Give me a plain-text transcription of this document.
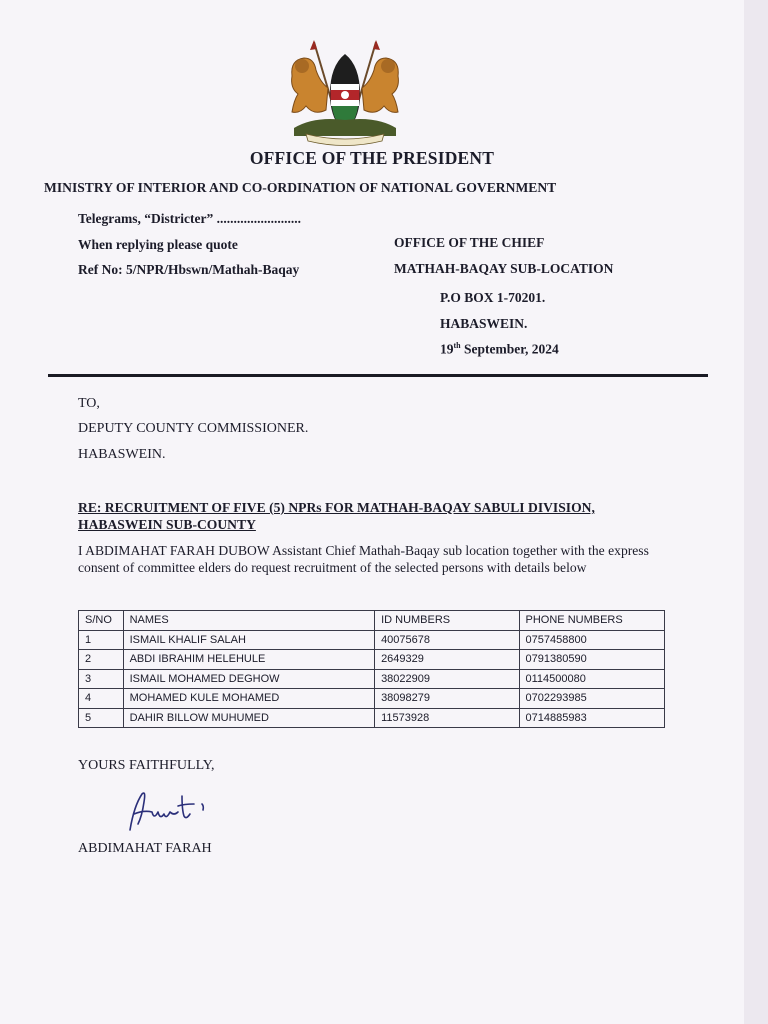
OFFICE OF THE PRESIDENT
MINISTRY OF INTERIOR AND CO-ORDINATION OF NATIONAL GOVERNMENT
Telegrams, “Districter” .........................
When replying please quote
Ref No: 5/NPR/Hbswn/Mathah-Baqay
OFFICE OF THE CHIEF
MATHAH-BAQAY SUB-LOCATION
P.O BOX 1-70201.
HABASWEIN.
19th September, 2024
TO,
DEPUTY COUNTY COMMISSIONER.
HABASWEIN.
RE: RECRUITMENT OF FIVE (5) NPRs FOR MATHAH-BAQAY SABULI DIVISION,
HABASWEIN SUB-COUNTY
I ABDIMAHAT FARAH DUBOW Assistant Chief Mathah-Baqay sub location together with the express consent of committee elders do request recruitment of the selected persons with details below
S/NO	NAMES	ID NUMBERS	PHONE NUMBERS
1	ISMAIL KHALIF SALAH	40075678	0757458800
2	ABDI IBRAHIM HELEHULE	2649329	0791380590
3	ISMAIL MOHAMED DEGHOW	38022909	0114500080
4	MOHAMED KULE MOHAMED	38098279	0702293985
5	DAHIR BILLOW MUHUMED	11573928	0714885983
YOURS FAITHFULLY,
ABDIMAHAT FARAH
